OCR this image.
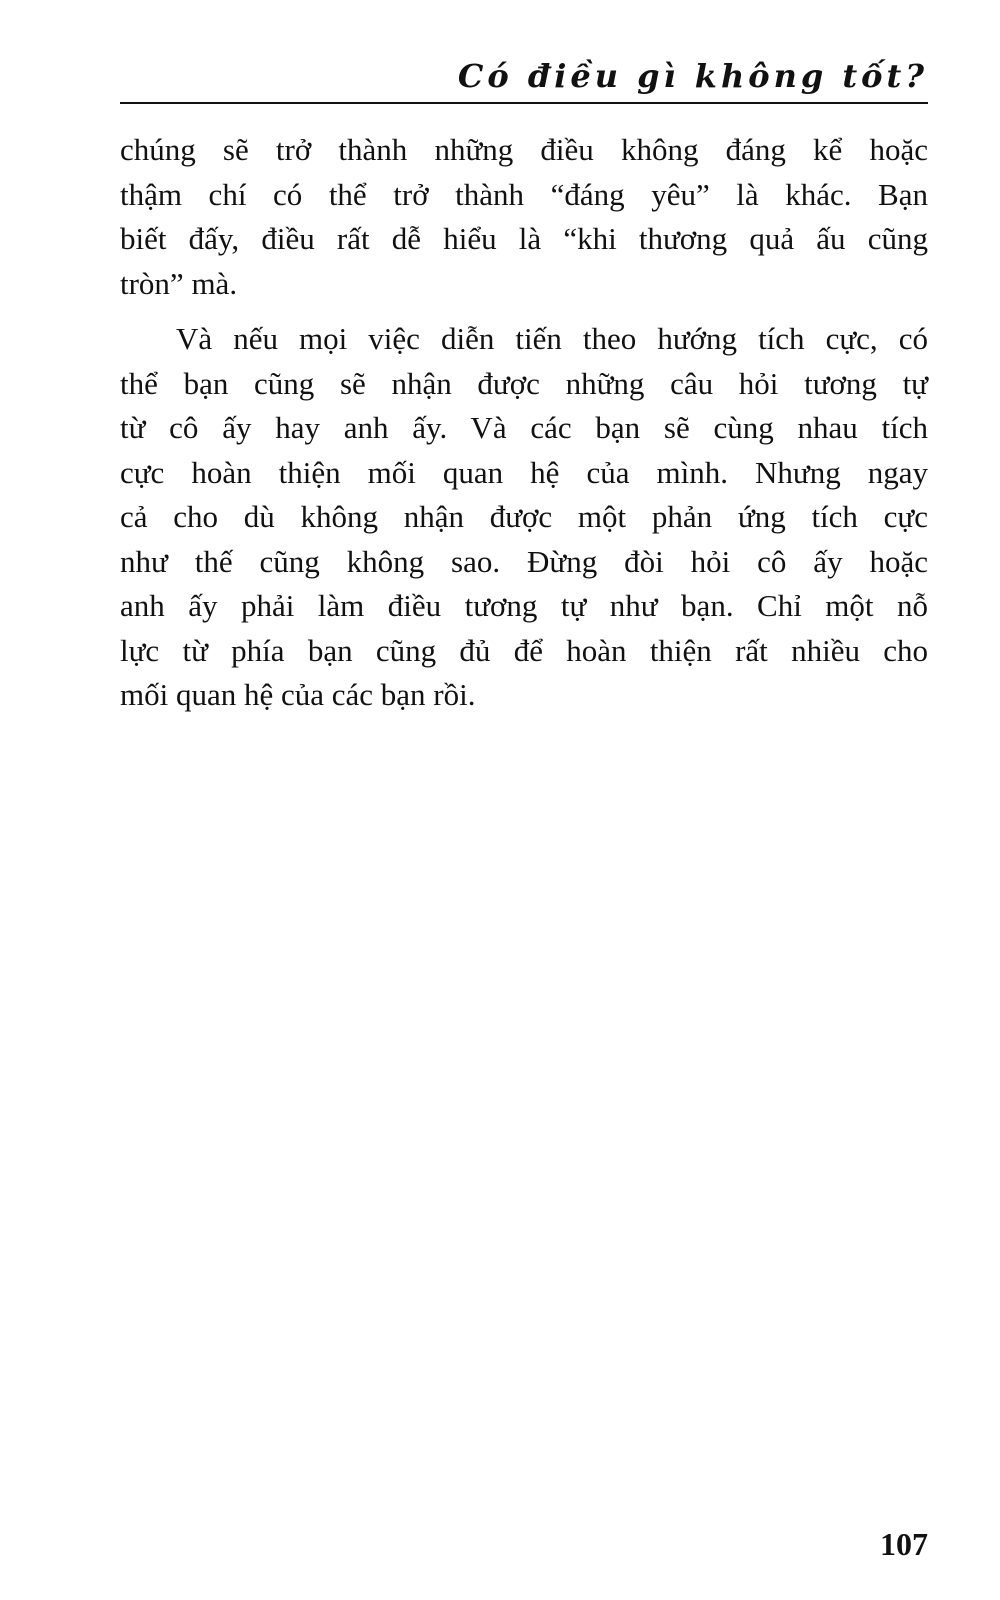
Có điều gì không tốt?
chúng sẽ trở thành những điều không đáng kể hoặc
thậm chí có thể trở thành “đáng yêu” là khác. Bạn
biết đấy, điều rất dễ hiểu là “khi thương quả ấu cũng
tròn” mà.
Và nếu mọi việc diễn tiến theo hướng tích cực, có
thể bạn cũng sẽ nhận được những câu hỏi tương tự
từ cô ấy hay anh ấy. Và các bạn sẽ cùng nhau tích
cực hoàn thiện mối quan hệ của mình. Nhưng ngay
cả cho dù không nhận được một phản ứng tích cực
như thế cũng không sao. Đừng đòi hỏi cô ấy hoặc
anh ấy phải làm điều tương tự như bạn. Chỉ một nỗ
lực từ phía bạn cũng đủ để hoàn thiện rất nhiều cho
mối quan hệ của các bạn rồi.
107
